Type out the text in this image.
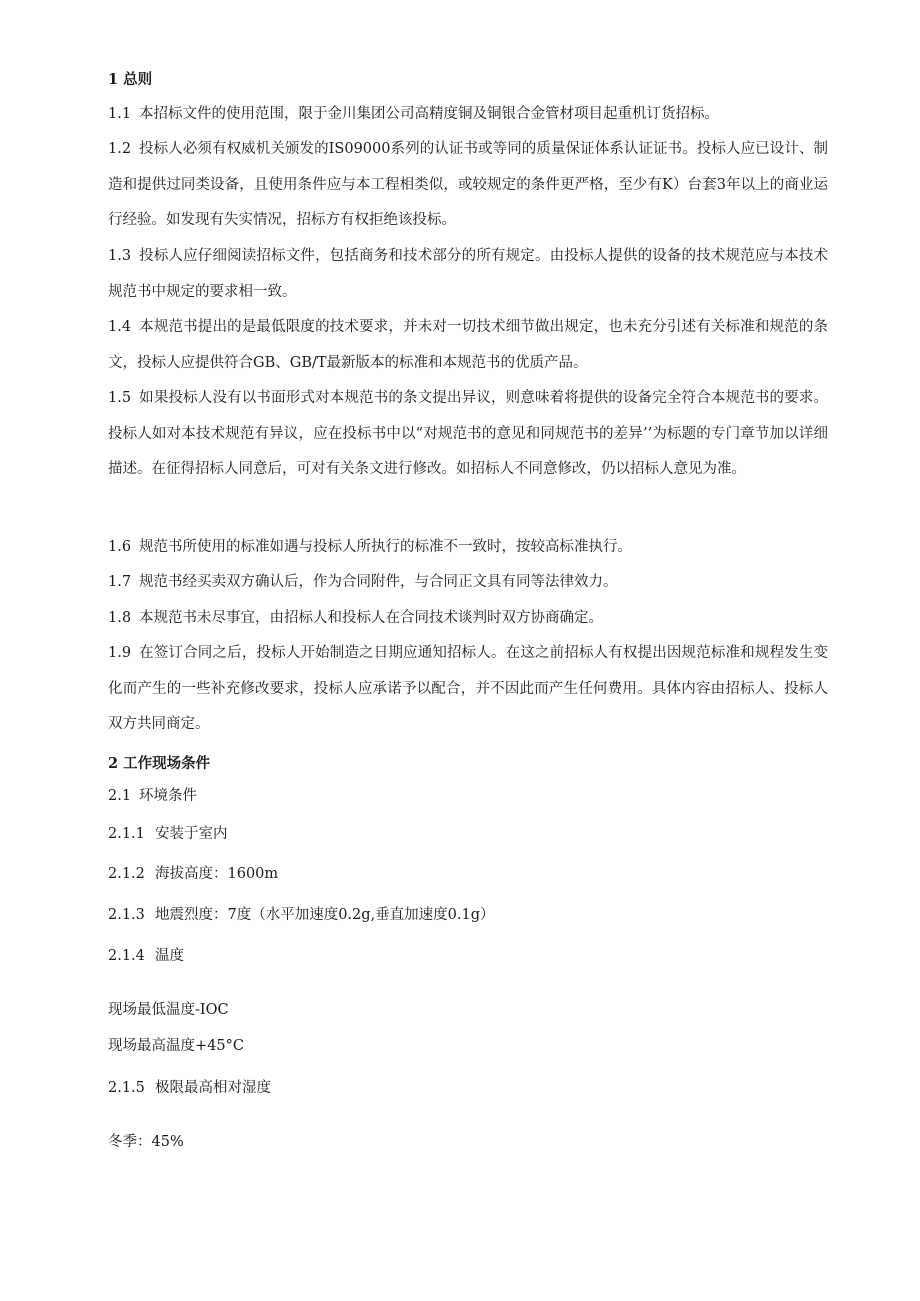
1 总则
1.1 本招标文件的使用范围，限于金川集团公司高精度铜及铜银合金管材项目起重机订货招标。
1.2 投标人必须有权威机关颁发的IS09000系列的认证书或等同的质量保证体系认证证书。投标人应已设计、制造和提供过同类设备，且使用条件应与本工程相类似，或较规定的条件更严格，至少有K）台套3年以上的商业运行经验。如发现有失实情况，招标方有权拒绝该投标。
1.3 投标人应仔细阅读招标文件，包括商务和技术部分的所有规定。由投标人提供的设备的技术规范应与本技术规范书中规定的要求相一致。
1.4 本规范书提出的是最低限度的技术要求，并未对一切技术细节做出规定，也未充分引述有关标准和规范的条文，投标人应提供符合GB、GB/T最新版本的标准和本规范书的优质产品。
1.5 如果投标人没有以书面形式对本规范书的条文提出异议，则意味着将提供的设备完全符合本规范书的要求。投标人如对本技术规范有异议，应在投标书中以“对规范书的意见和同规范书的差异’’为标题的专门章节加以详细描述。在征得招标人同意后，可对有关条文进行修改。如招标人不同意修改，仍以招标人意见为准。
1.6 规范书所使用的标准如遇与投标人所执行的标准不一致时，按较高标准执行。
1.7 规范书经买卖双方确认后，作为合同附件，与合同正文具有同等法律效力。
1.8 本规范书未尽事宜，由招标人和投标人在合同技术谈判时双方协商确定。
1.9 在签订合同之后，投标人开始制造之日期应通知招标人。在这之前招标人有权提出因规范标准和规程发生变化而产生的一些补充修改要求，投标人应承诺予以配合，并不因此而产生任何费用。具体内容由招标人、投标人双方共同商定。
2 工作现场条件
2.1 环境条件
2.1.1 安装于室内
2.1.2 海拔高度：1600m
2.1.3 地震烈度：7度（水平加速度0.2g,垂直加速度0.1g）
2.1.4 温度
现场最低温度-IOC
现场最高温度+45°C
2.1.5 极限最高相对湿度
冬季：45%
